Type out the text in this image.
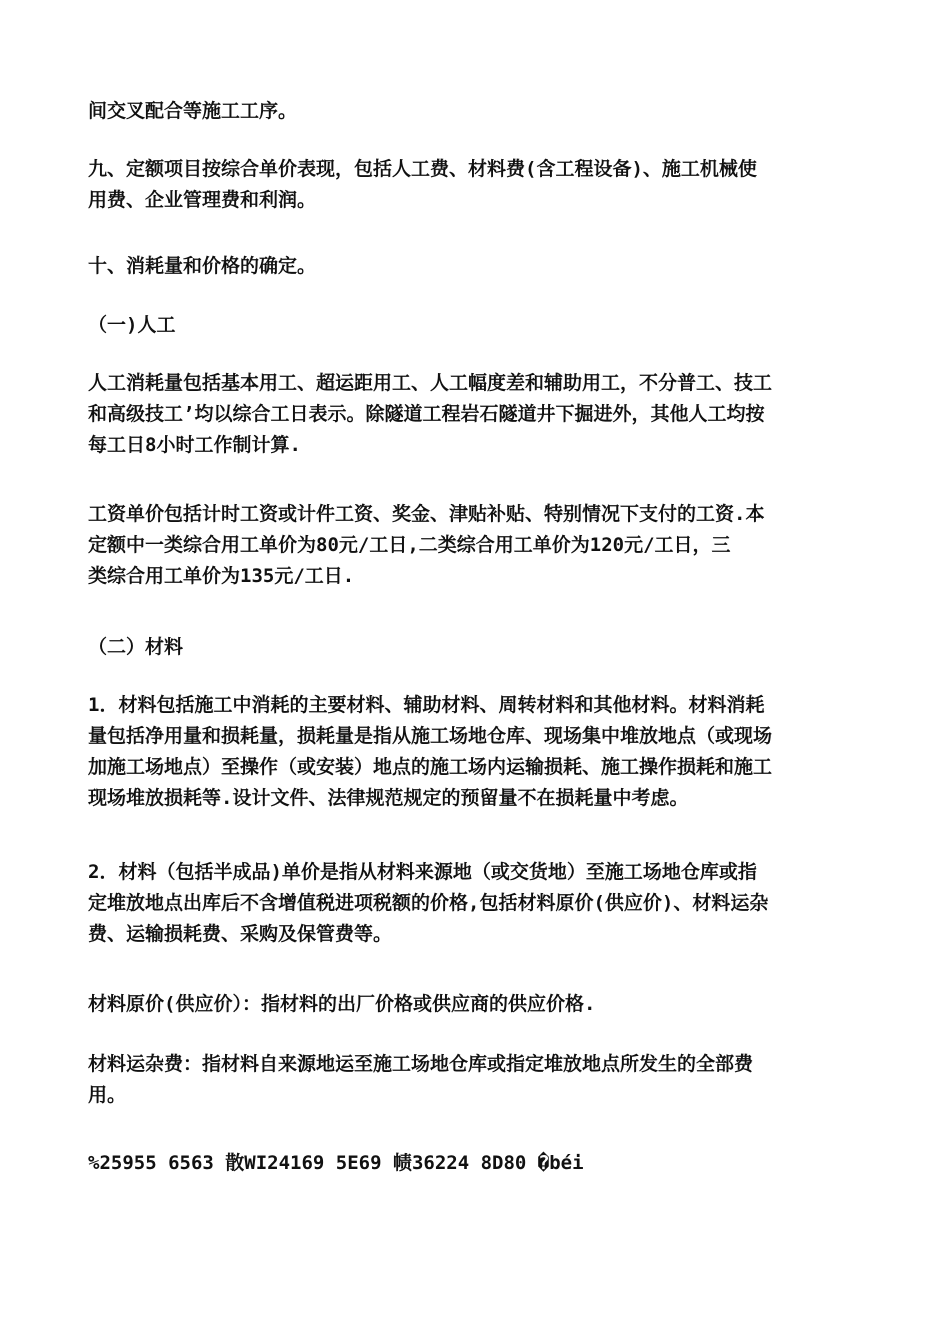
间交叉配合等施工工序。

九、定额项目按综合单价表现，包括人工费、材料费(含工程设备)、施工机械使
用费、企业管理费和利润。

十、消耗量和价格的确定。

（一)人工

人工消耗量包括基本用工、超运距用工、人工幅度差和辅助用工，不分普工、技工
和高级技工’均以综合工日表示。除隧道工程岩石隧道井下掘进外，其他人工均按
每工日8小时工作制计算.

工资单价包括计时工资或计件工资、奖金、津贴补贴、特别情况下支付的工资.本
定额中一类综合用工单价为80元/工日,二类综合用工单价为120元/工日，三
类综合用工单价为135元/工日.

（二）材料

1．材料包括施工中消耗的主要材料、辅助材料、周转材料和其他材料。材料消耗
量包括净用量和损耗量，损耗量是指从施工场地仓库、现场集中堆放地点（或现场
加施工场地点）至操作（或安装）地点的施工场内运输损耗、施工操作损耗和施工
现场堆放损耗等.设计文件、法律规范规定的预留量不在损耗量中考虑。

2．材料（包括半成品)单价是指从材料来源地（或交货地）至施工场地仓库或指
定堆放地点出库后不含增值税进项税额的价格,包括材料原价(供应价)、材料运杂
费、运输损耗费、采购及保管费等。

材料原价(供应价）：指材料的出厂价格或供应商的供应价格.

材料运杂费：指材料自来源地运至施工场地仓库或指定堆放地点所发生的全部费
用。

%25955 6563 散WI24169 5E69 帻36224 8D80 �béi
